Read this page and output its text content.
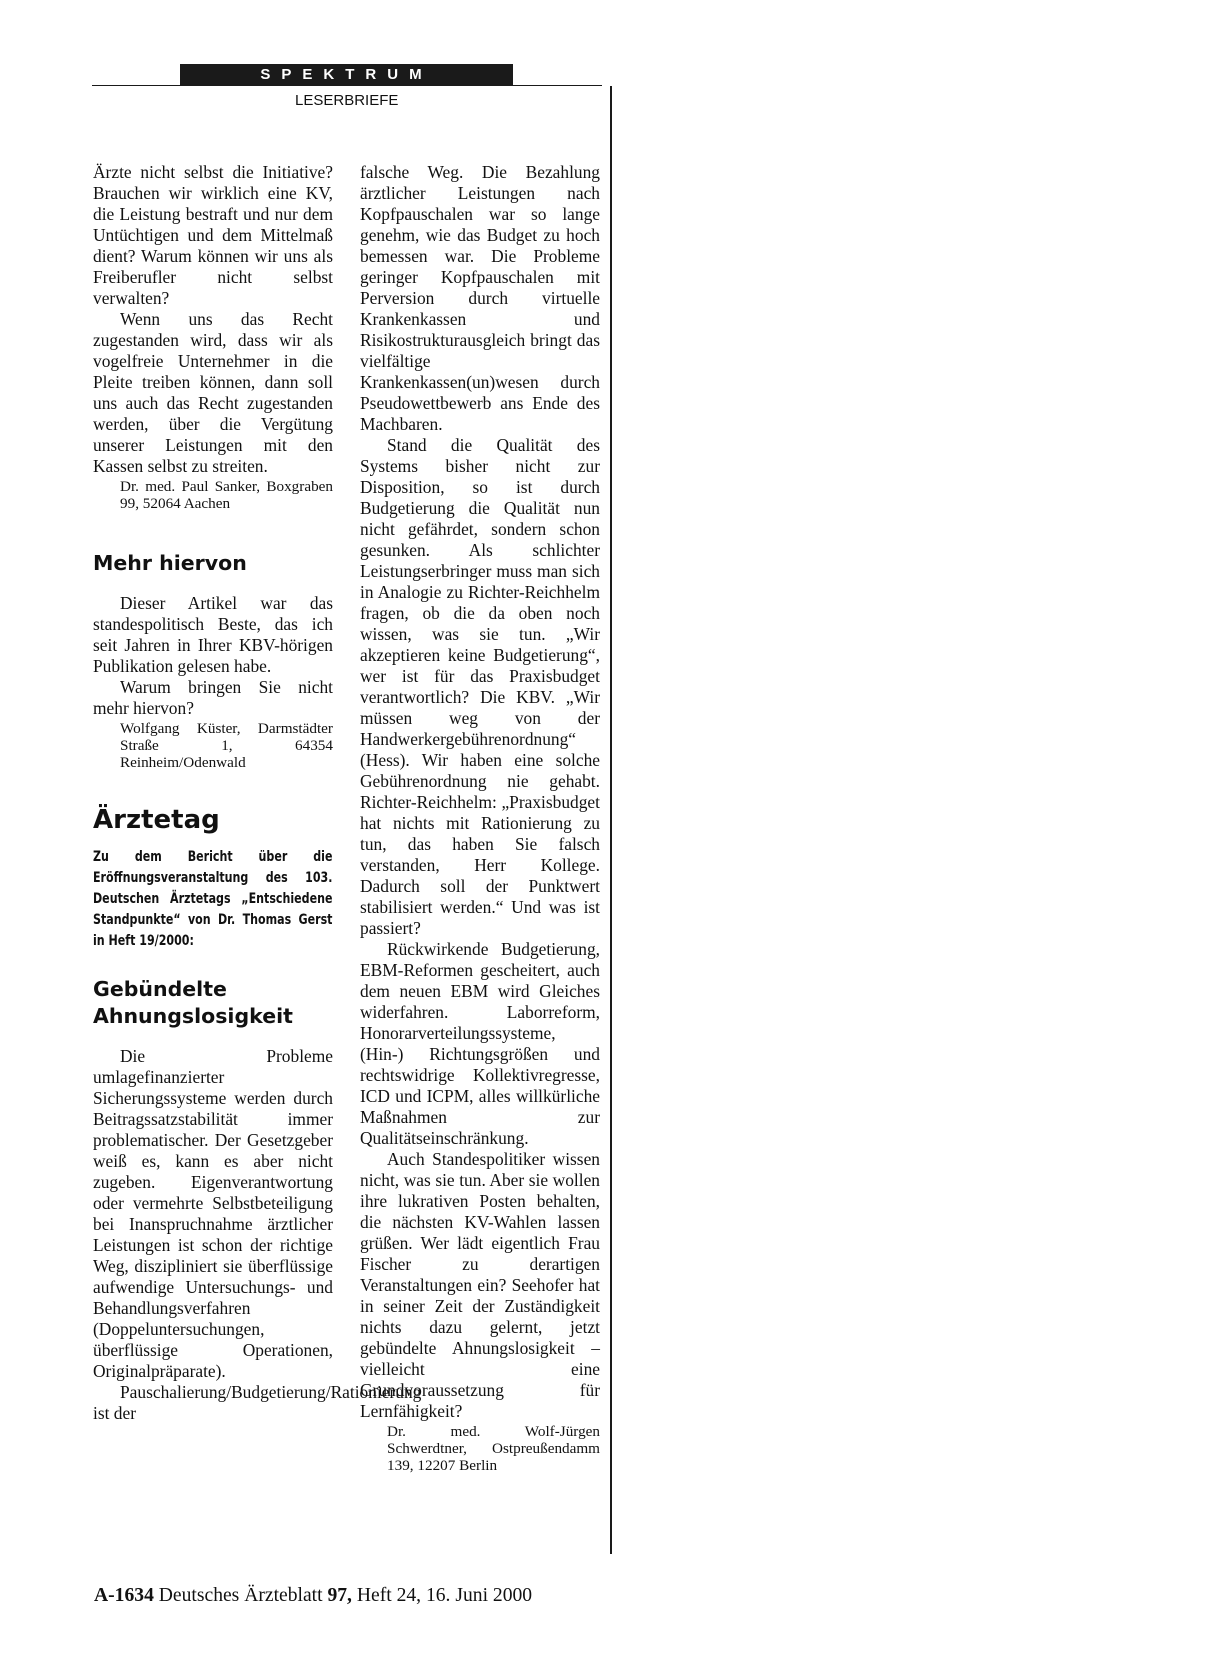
SPEKTRUM
LESERBRIEFE

Ärzte nicht selbst die Initiative? Brauchen wir wirklich eine KV, die Leistung bestraft und nur dem Untüchtigen und dem Mittelmaß dient? Warum können wir uns als Freiberufler nicht selbst verwalten?

Wenn uns das Recht zugestanden wird, dass wir als vogelfreie Unternehmer in die Pleite treiben können, dann soll uns auch das Recht zugestanden werden, über die Vergütung unserer Leistungen mit den Kassen selbst zu streiten.

Dr. med. Paul Sanker, Boxgraben 99, 52064 Aachen

Mehr hiervon

Dieser Artikel war das standespolitisch Beste, das ich seit Jahren in Ihrer KBV-hörigen Publikation gelesen habe.

Warum bringen Sie nicht mehr hiervon?

Wolfgang Küster, Darmstädter Straße 1, 64354 Reinheim/Odenwald

Ärztetag

Zu dem Bericht über die Eröffnungsveranstaltung des 103. Deutschen Ärztetags „Entschiedene Standpunkte“ von Dr. Thomas Gerst in Heft 19/2000:

Gebündelte
Ahnungslosigkeit

Die Probleme umlagefinanzierter Sicherungssysteme werden durch Beitragssatzstabilität immer problematischer. Der Gesetzgeber weiß es, kann es aber nicht zugeben. Eigenverantwortung oder vermehrte Selbstbeteiligung bei Inanspruchnahme ärztlicher Leistungen ist schon der richtige Weg, diszipliniert sie überflüssige aufwendige Untersuchungs- und Behandlungsverfahren (Doppeluntersuchungen, überflüssige Operationen, Originalpräparate).

Pauschalierung/Budgetierung/Rationierung ist der

falsche Weg. Die Bezahlung ärztlicher Leistungen nach Kopfpauschalen war so lange genehm, wie das Budget zu hoch bemessen war. Die Probleme geringer Kopfpauschalen mit Perversion durch virtuelle Krankenkassen und Risikostrukturausgleich bringt das vielfältige Krankenkassen(un)wesen durch Pseudowettbewerb ans Ende des Machbaren.

Stand die Qualität des Systems bisher nicht zur Disposition, so ist durch Budgetierung die Qualität nun nicht gefährdet, sondern schon gesunken. Als schlichter Leistungserbringer muss man sich in Analogie zu Richter-Reichhelm fragen, ob die da oben noch wissen, was sie tun. „Wir akzeptieren keine Budgetierung“, wer ist für das Praxisbudget verantwortlich? Die KBV. „Wir müssen weg von der Handwerkergebührenordnung“ (Hess). Wir haben eine solche Gebührenordnung nie gehabt. Richter-Reichhelm: „Praxisbudget hat nichts mit Rationierung zu tun, das haben Sie falsch verstanden, Herr Kollege. Dadurch soll der Punktwert stabilisiert werden.“ Und was ist passiert?

Rückwirkende Budgetierung, EBM-Reformen gescheitert, auch dem neuen EBM wird Gleiches widerfahren. Laborreform, Honorarverteilungssysteme, (Hin-) Richtungsgrößen und rechtswidrige Kollektivregresse, ICD und ICPM, alles willkürliche Maßnahmen zur Qualitätseinschränkung.

Auch Standespolitiker wissen nicht, was sie tun. Aber sie wollen ihre lukrativen Posten behalten, die nächsten KV-Wahlen lassen grüßen. Wer lädt eigentlich Frau Fischer zu derartigen Veranstaltungen ein? Seehofer hat in seiner Zeit der Zuständigkeit nichts dazu gelernt, jetzt gebündelte Ahnungslosigkeit – vielleicht eine Grundvoraussetzung für Lernfähigkeit?

Dr. med. Wolf-Jürgen Schwerdtner, Ostpreußendamm 139, 12207 Berlin

A-1634 Deutsches Ärzteblatt 97, Heft 24, 16. Juni 2000
